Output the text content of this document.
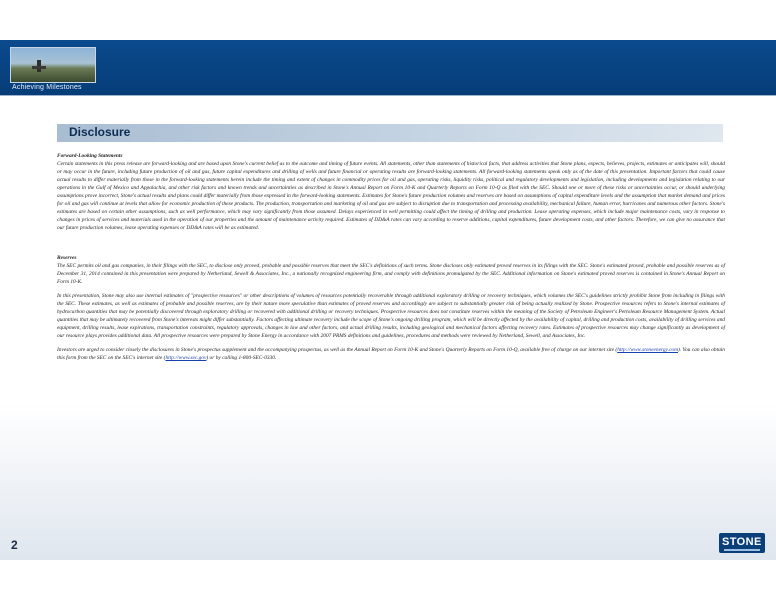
Achieving Milestones
Disclosure
Forward-Looking Statements

Certain statements in this press release are forward-looking and are based upon Stone's current belief as to the outcome and timing of future events. All statements, other than statements of historical facts, that address activities that Stone plans, expects, believes, projects, estimates or anticipates will, should or may occur in the future, including future production of oil and gas, future capital expenditures and drilling of wells and future financial or operating results are forward-looking statements. All forward-looking statements speak only as of the date of this presentation. Important factors that could cause actual results to differ materially from those in the forward-looking statements herein include the timing and extent of changes in commodity prices for oil and gas, operating risks, liquidity risks, political and regulatory developments and legislation, including developments and legislation relating to our operations in the Gulf of Mexico and Appalachia, and other risk factors and known trends and uncertainties as described in Stone's Annual Report on Form 10-K and Quarterly Reports on Form 10-Q as filed with the SEC. Should one or more of these risks or uncertainties occur, or should underlying assumptions prove incorrect, Stone's actual results and plans could differ materially from those expressed in the forward-looking statements. Estimates for Stone's future production volumes and reserves are based on assumptions of capital expenditure levels and the assumption that market demand and prices for oil and gas will continue at levels that allow for economic production of these products. The production, transportation and marketing of oil and gas are subject to disruption due to transportation and processing availability, mechanical failure, human error, hurricanes and numerous other factors. Stone's estimates are based on certain other assumptions, such as well performance, which may vary significantly from those assumed. Delays experienced in well permitting could affect the timing of drilling and production. Lease operating expenses, which include major maintenance costs, vary in response to changes in prices of services and materials used in the operation of our properties and the amount of maintenance activity required. Estimates of DD&A rates can vary according to reserve additions, capital expenditures, future development costs, and other factors. Therefore, we can give no assurance that our future production volumes, lease operating expenses or DD&A rates will be as estimated.

Reserves

The SEC permits oil and gas companies, in their filings with the SEC, to disclose only proved, probable and possible reserves that meet the SEC's definitions of such terms. Stone discloses only estimated proved reserves in its filings with the SEC. Stone's estimated proved, probable and possible reserves as of December 31, 2014 contained in this presentation were prepared by Netherland, Sewell & Associates, Inc., a nationally recognized engineering firm, and comply with definitions promulgated by the SEC. Additional information on Stone's estimated proved reserves is contained in Stone's Annual Report on Form 10-K.

In this presentation, Stone may also use internal estimates of "prospective resources" or other descriptions of volumes of resources potentially recoverable through additional exploratory drilling or recovery techniques, which volumes the SEC's guidelines strictly prohibit Stone from including in filings with the SEC. These estimates, as well as estimates of probable and possible reserves, are by their nature more speculative than estimates of proved reserves and accordingly are subject to substantially greater risk of being actually realized by Stone. Prospective resources refers to Stone's internal estimates of hydrocarbon quantities that may be potentially discovered through exploratory drilling or recovered with additional drilling or recovery techniques. Prospective resources does not constitute reserves within the meaning of the Society of Petroleum Engineer's Petroleum Resource Management System. Actual quantities that may be ultimately recovered from Stone's interests might differ substantially. Factors affecting ultimate recovery include the scope of Stone's ongoing drilling program, which will be directly affected by the availability of capital, drilling and production costs, availability of drilling services and equipment, drilling results, lease expirations, transportation constraints, regulatory approvals, changes in law and other factors, and actual drilling results, including geological and mechanical factors affecting recovery rates. Estimates of prospective resources may change significantly as development of our resource plays provides additional data. All prospective resources were prepared by Stone Energy in accordance with 2007 PRMS definitions and guidelines, procedures and methods were reviewed by Netherland, Sewell, and Associates, Inc.

Investors are urged to consider closely the disclosures in Stone's prospectus supplement and the accompanying prospectus, as well as the Annual Report on Form 10-K and Stone's Quarterly Reports on Form 10-Q, available free of charge on our internet site (http://www.stoneenergy.com). You can also obtain this form from the SEC on the SEC's internet site (http://www.sec.gov) or by calling 1-800-SEC-0330.

2	STONE
